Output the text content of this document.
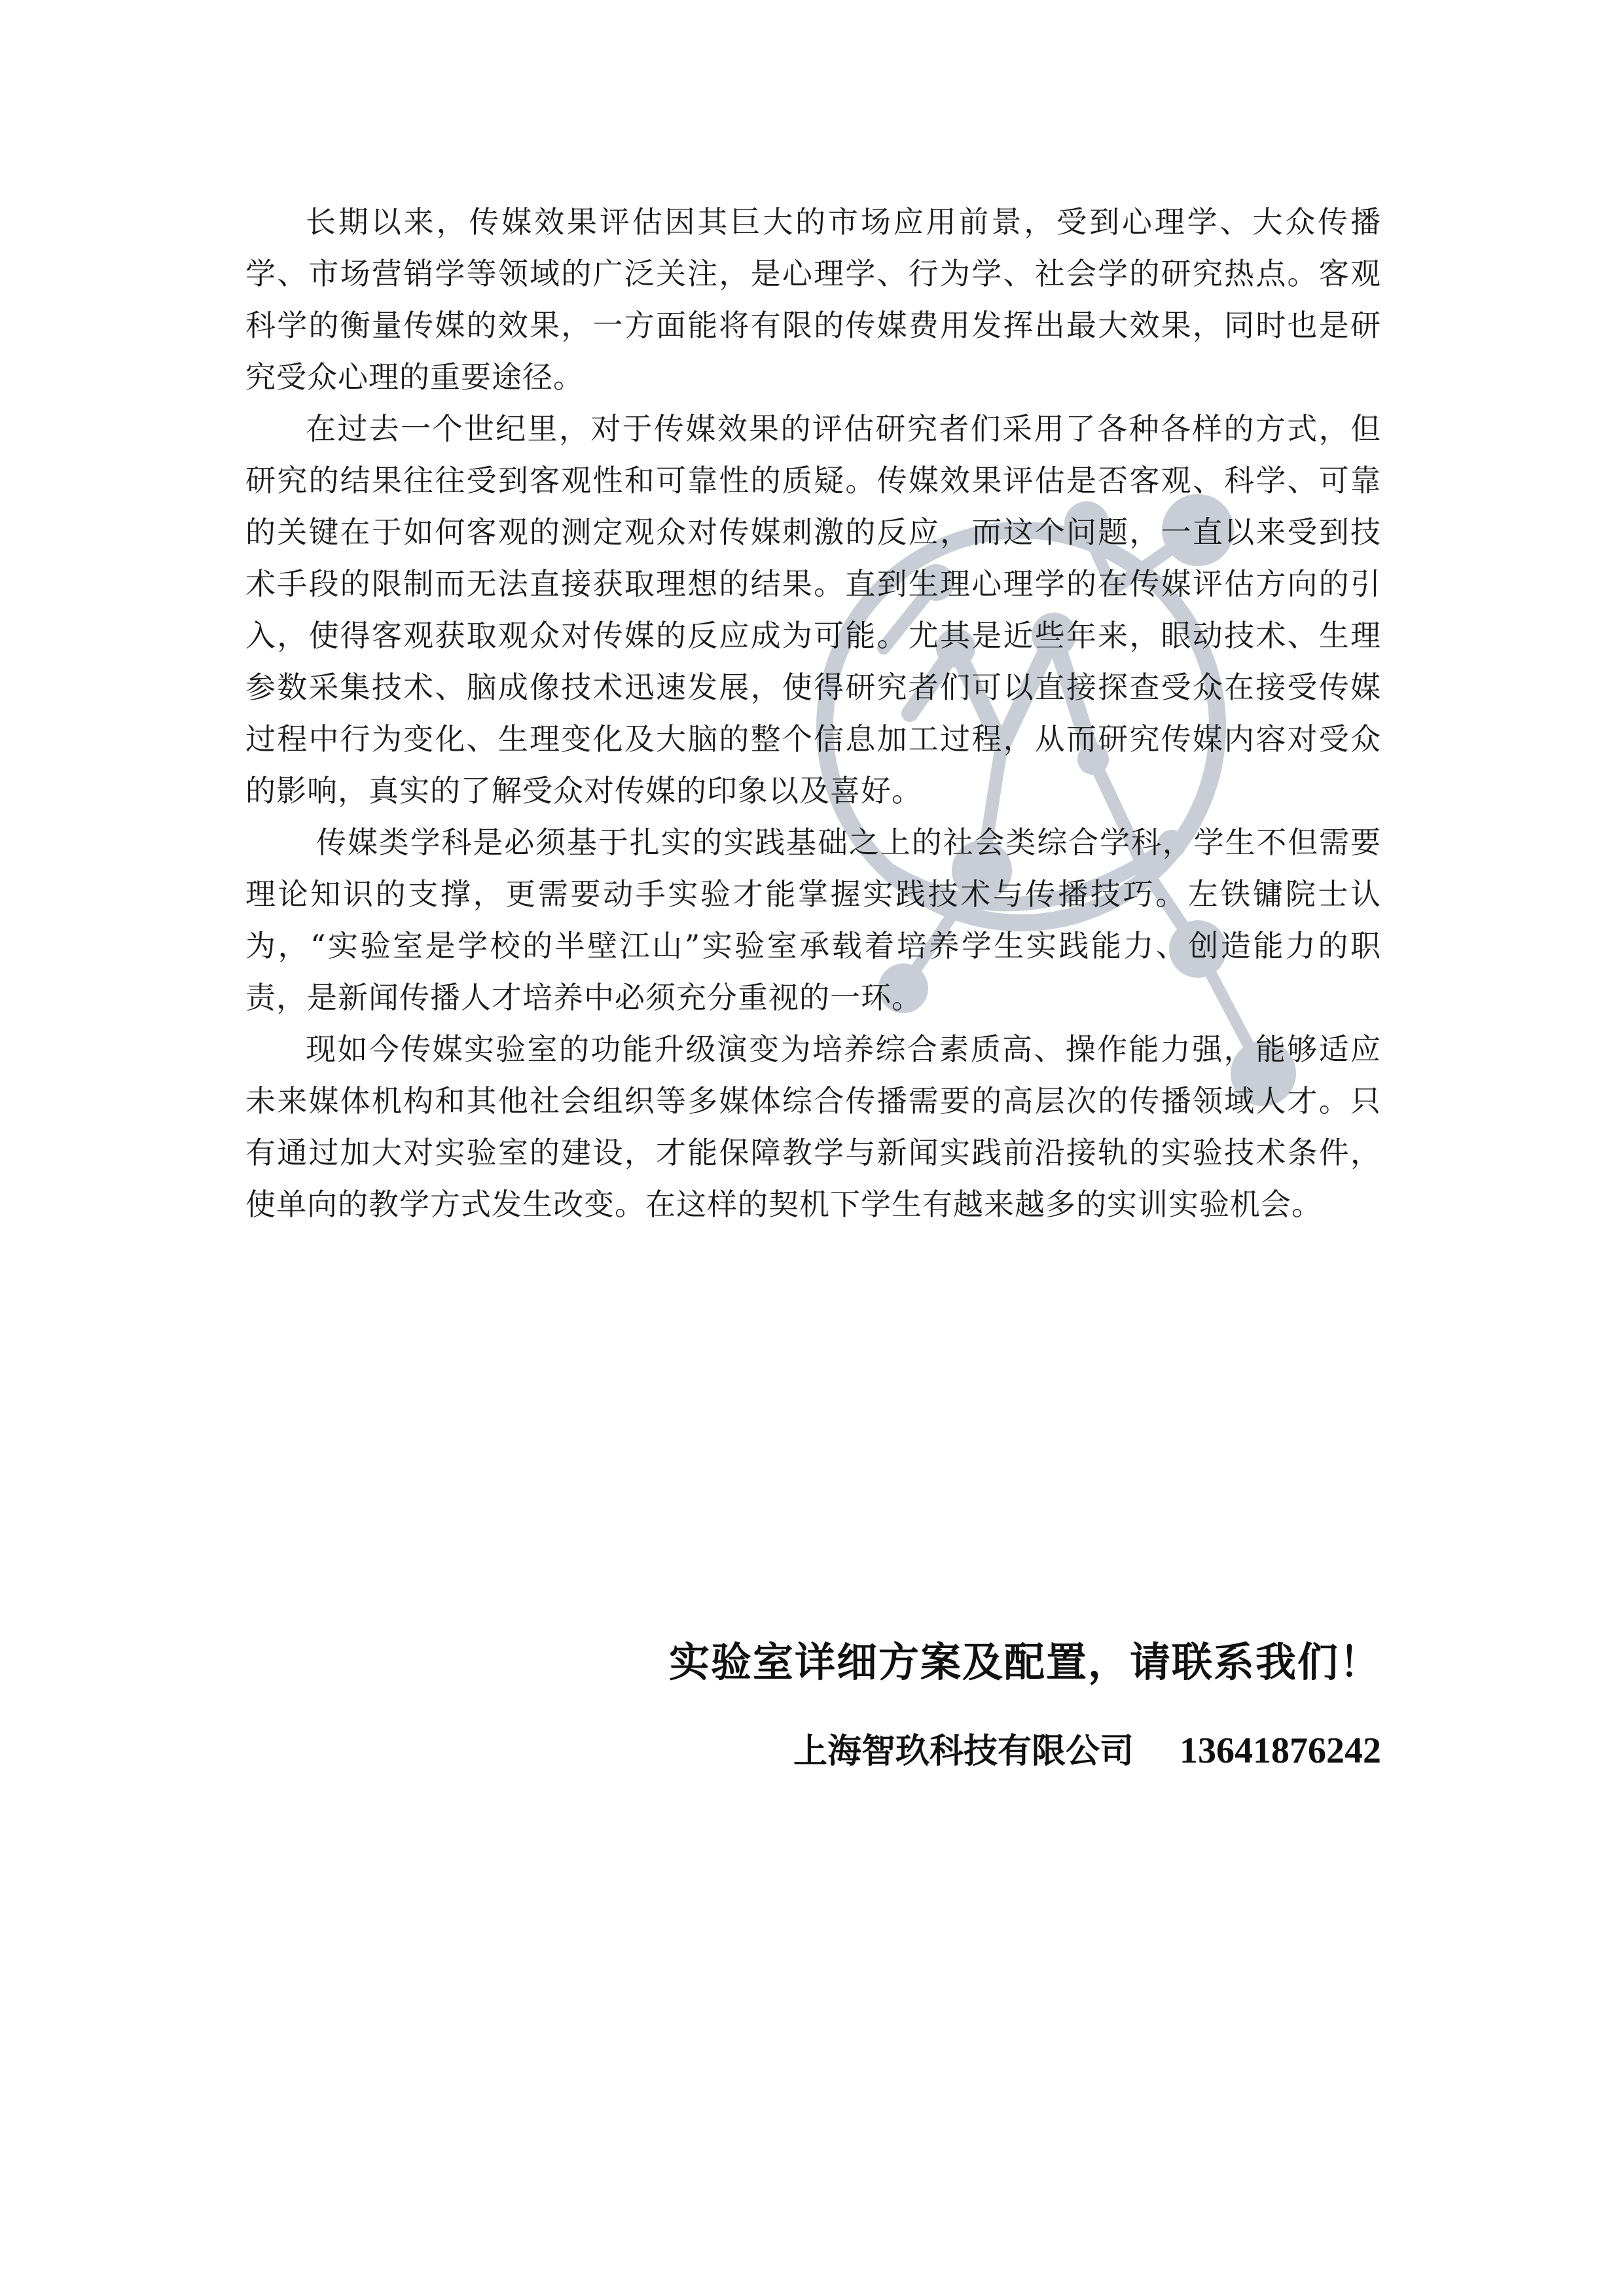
长期以来，传媒效果评估因其巨大的市场应用前景，受到心理学、大众传播学、市场营销学等领域的广泛关注，是心理学、行为学、社会学的研究热点。客观科学的衡量传媒的效果，一方面能将有限的传媒费用发挥出最大效果，同时也是研究受众心理的重要途径。

在过去一个世纪里，对于传媒效果的评估研究者们采用了各种各样的方式，但研究的结果往往受到客观性和可靠性的质疑。传媒效果评估是否客观、科学、可靠的关键在于如何客观的测定观众对传媒刺激的反应，而这个问题，一直以来受到技术手段的限制而无法直接获取理想的结果。直到生理心理学的在传媒评估方向的引入，使得客观获取观众对传媒的反应成为可能。尤其是近些年来，眼动技术、生理参数采集技术、脑成像技术迅速发展，使得研究者们可以直接探查受众在接受传媒过程中行为变化、生理变化及大脑的整个信息加工过程，从而研究传媒内容对受众的影响，真实的了解受众对传媒的印象以及喜好。

传媒类学科是必须基于扎实的实践基础之上的社会类综合学科，学生不但需要理论知识的支撑，更需要动手实验才能掌握实践技术与传播技巧。左铁镛院士认为，“实验室是学校的半壁江山”实验室承载着培养学生实践能力、创造能力的职责，是新闻传播人才培养中必须充分重视的一环。

现如今传媒实验室的功能升级演变为培养综合素质高、操作能力强，能够适应未来媒体机构和其他社会组织等多媒体综合传播需要的高层次的传播领域人才。只有通过加大对实验室的建设，才能保障教学与新闻实践前沿接轨的实验技术条件，使单向的教学方式发生改变。在这样的契机下学生有越来越多的实训实验机会。

实验室详细方案及配置，请联系我们！
上海智玖科技有限公司 13641876242
